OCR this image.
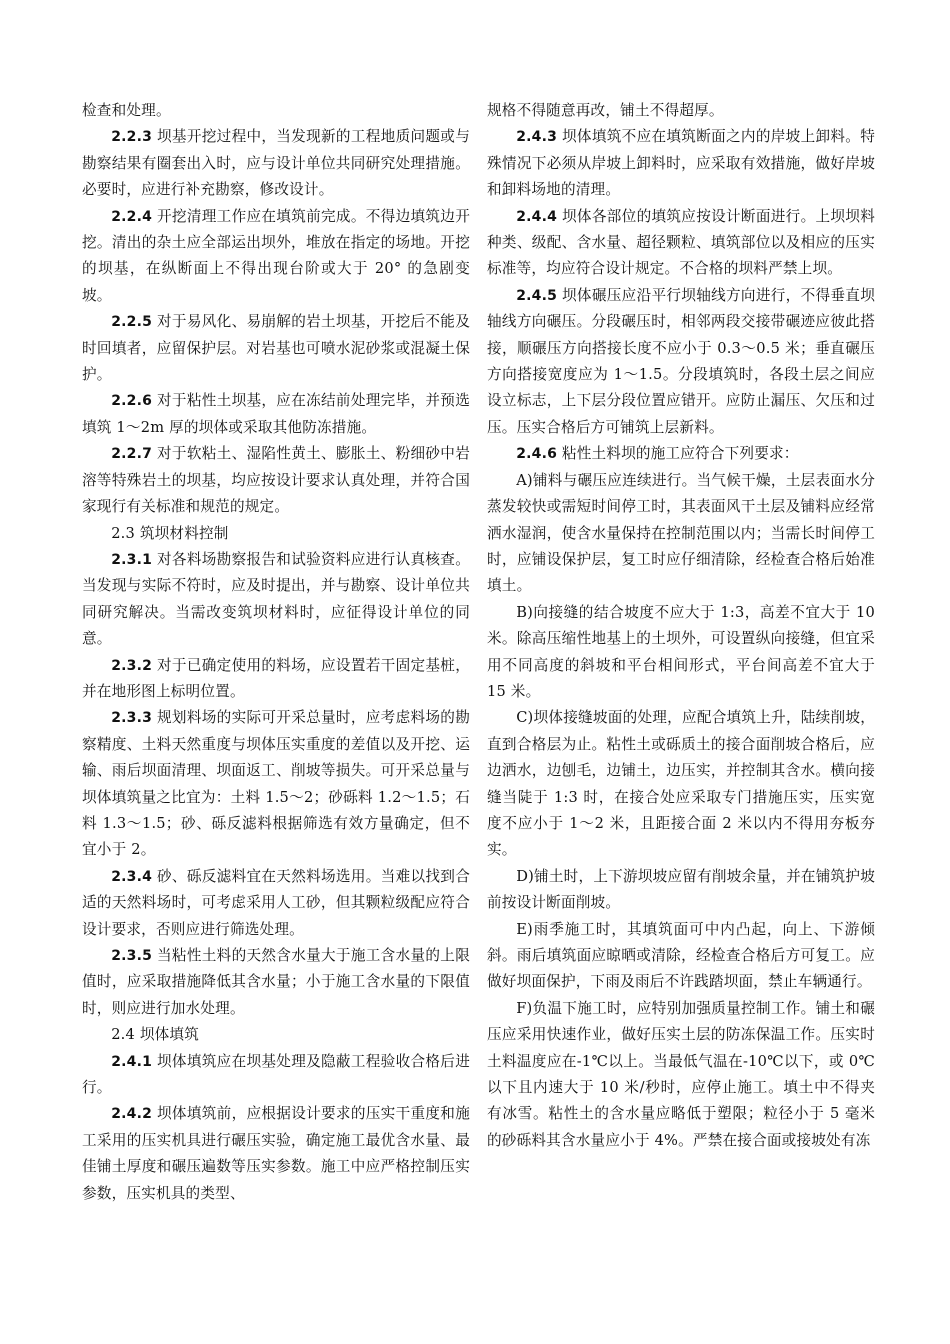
检查和处理。

2.2.3 坝基开挖过程中，当发现新的工程地质问题或与勘察结果有圈套出入时，应与设计单位共同研究处理措施。必要时，应进行补充勘察，修改设计。

2.2.4 开挖清理工作应在填筑前完成。不得边填筑边开挖。清出的杂土应全部运出坝外，堆放在指定的场地。开挖的坝基，在纵断面上不得出现台阶或大于 20° 的急剧变坡。

2.2.5 对于易风化、易崩解的岩土坝基，开挖后不能及时回填者，应留保护层。对岩基也可喷水泥砂浆或混凝土保护。

2.2.6 对于粘性土坝基，应在冻结前处理完毕，并预选填筑 1～2m 厚的坝体或采取其他防冻措施。

2.2.7 对于软粘土、湿陷性黄土、膨胀土、粉细砂中岩溶等特殊岩土的坝基，均应按设计要求认真处理，并符合国家现行有关标准和规范的规定。

2.3 筑坝材料控制

2.3.1 对各料场勘察报告和试验资料应进行认真核查。当发现与实际不符时，应及时提出，并与勘察、设计单位共同研究解决。当需改变筑坝材料时，应征得设计单位的同意。

2.3.2 对于已确定使用的料场，应设置若干固定基桩，并在地形图上标明位置。

2.3.3 规划料场的实际可开采总量时，应考虑料场的勘察精度、土料天然重度与坝体压实重度的差值以及开挖、运输、雨后坝面清理、坝面返工、削坡等损失。可开采总量与坝体填筑量之比宜为：土料 1.5～2；砂砾料 1.2～1.5；石料 1.3～1.5；砂、砾反滤料根据筛选有效方量确定，但不宜小于 2。

2.3.4 砂、砾反滤料宜在天然料场选用。当难以找到合适的天然料场时，可考虑采用人工砂，但其颗粒级配应符合设计要求，否则应进行筛选处理。

2.3.5 当粘性土料的天然含水量大于施工含水量的上限值时，应采取措施降低其含水量；小于施工含水量的下限值时，则应进行加水处理。

2.4 坝体填筑

2.4.1 坝体填筑应在坝基处理及隐蔽工程验收合格后进行。

2.4.2 坝体填筑前，应根据设计要求的压实干重度和施工采用的压实机具进行碾压实验，确定施工最优含水量、最佳铺土厚度和碾压遍数等压实参数。施工中应严格控制压实参数，压实机具的类型、

规格不得随意再改，铺土不得超厚。

2.4.3 坝体填筑不应在填筑断面之内的岸坡上卸料。特殊情况下必须从岸坡上卸料时，应采取有效措施，做好岸坡和卸料场地的清理。

2.4.4 坝体各部位的填筑应按设计断面进行。上坝坝料种类、级配、含水量、超径颗粒、填筑部位以及相应的压实标准等，均应符合设计规定。不合格的坝料严禁上坝。

2.4.5 坝体碾压应沿平行坝轴线方向进行，不得垂直坝轴线方向碾压。分段碾压时，相邻两段交接带碾迹应彼此搭接，顺碾压方向搭接长度不应小于 0.3～0.5 米；垂直碾压方向搭接宽度应为 1～1.5。分段填筑时，各段土层之间应设立标志，上下层分段位置应错开。应防止漏压、欠压和过压。压实合格后方可铺筑上层新料。

2.4.6 粘性土料坝的施工应符合下列要求：

A)铺料与碾压应连续进行。当气候干燥，土层表面水分蒸发较快或需短时间停工时，其表面风干土层及铺料应经常洒水湿润，使含水量保持在控制范围以内；当需长时间停工时，应铺设保护层，复工时应仔细清除，经检查合格后始准填土。

B)向接缝的结合坡度不应大于 1:3，高差不宜大于 10 米。除高压缩性地基上的土坝外，可设置纵向接缝，但宜采用不同高度的斜坡和平台相间形式，平台间高差不宜大于 15 米。

C)坝体接缝坡面的处理，应配合填筑上升，陆续削坡，直到合格层为止。粘性土或砾质土的接合面削坡合格后，应边洒水，边刨毛，边铺土，边压实，并控制其含水。横向接缝当陡于 1:3 时，在接合处应采取专门措施压实，压实宽度不应小于 1～2 米，且距接合面 2 米以内不得用夯板夯实。

D)铺土时，上下游坝坡应留有削坡余量，并在铺筑护坡前按设计断面削坡。

E)雨季施工时，其填筑面可中内凸起，向上、下游倾斜。雨后填筑面应晾晒或清除，经检查合格后方可复工。应做好坝面保护，下雨及雨后不许践踏坝面，禁止车辆通行。

F)负温下施工时，应特别加强质量控制工作。铺土和碾压应采用快速作业，做好压实土层的防冻保温工作。压实时土料温度应在-1℃以上。当最低气温在-10℃以下，或 0℃以下且内速大于 10 米/秒时，应停止施工。填土中不得夹有冰雪。粘性土的含水量应略低于塑限；粒径小于 5 毫米的砂砾料其含水量应小于 4%。严禁在接合面或接坡处有冻
